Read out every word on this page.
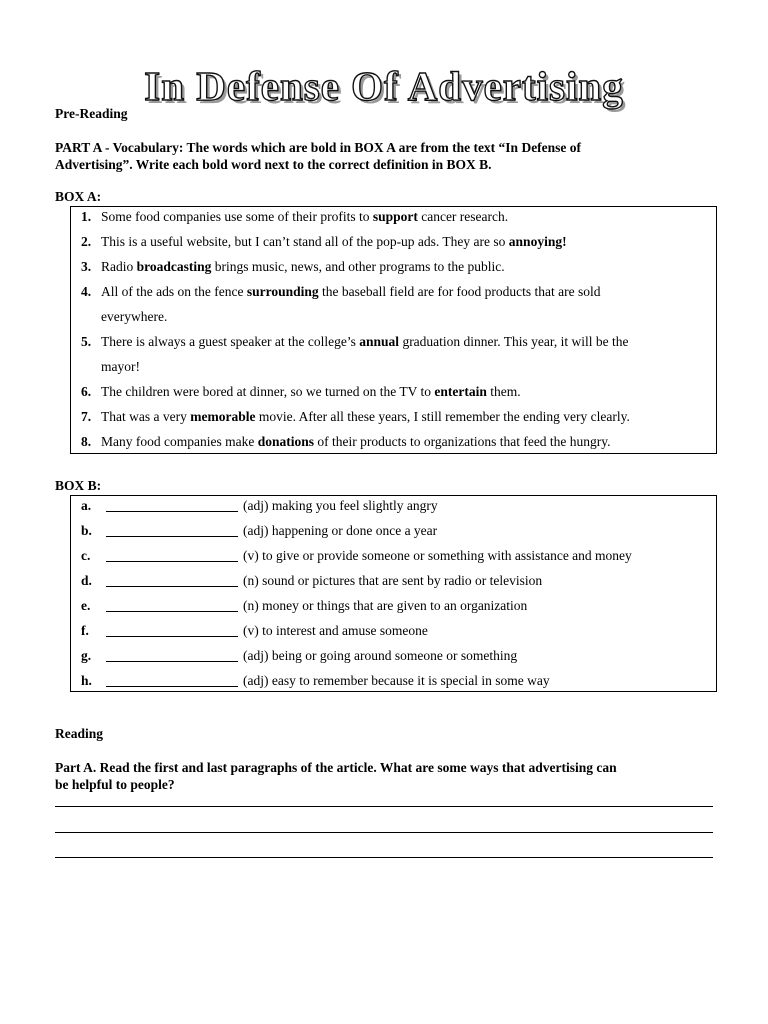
In Defense Of Advertising
Pre-Reading
PART A - Vocabulary: The words which are bold in BOX A are from the text “In Defense of
Advertising”. Write each bold word next to the correct definition in BOX B.
BOX A:
1. Some food companies use some of their profits to support cancer research.
2. This is a useful website, but I can’t stand all of the pop-up ads. They are so annoying!
3. Radio broadcasting brings music, news, and other programs to the public.
4. All of the ads on the fence surrounding the baseball field are for food products that are sold
everywhere.
5. There is always a guest speaker at the college’s annual graduation dinner. This year, it will be the
mayor!
6. The children were bored at dinner, so we turned on the TV to entertain them.
7. That was a very memorable movie. After all these years, I still remember the ending very clearly.
8. Many food companies make donations of their products to organizations that feed the hungry.
BOX B:
a.	(adj) making you feel slightly angry
b.	(adj) happening or done once a year
c.	(v) to give or provide someone or something with assistance and money
d.	(n) sound or pictures that are sent by radio or television
e.	(n) money or things that are given to an organization
f.	(v) to interest and amuse someone
g.	(adj) being or going around someone or something
h.	(adj) easy to remember because it is special in some way
Reading
Part A. Read the first and last paragraphs of the article. What are some ways that advertising can
be helpful to people?
